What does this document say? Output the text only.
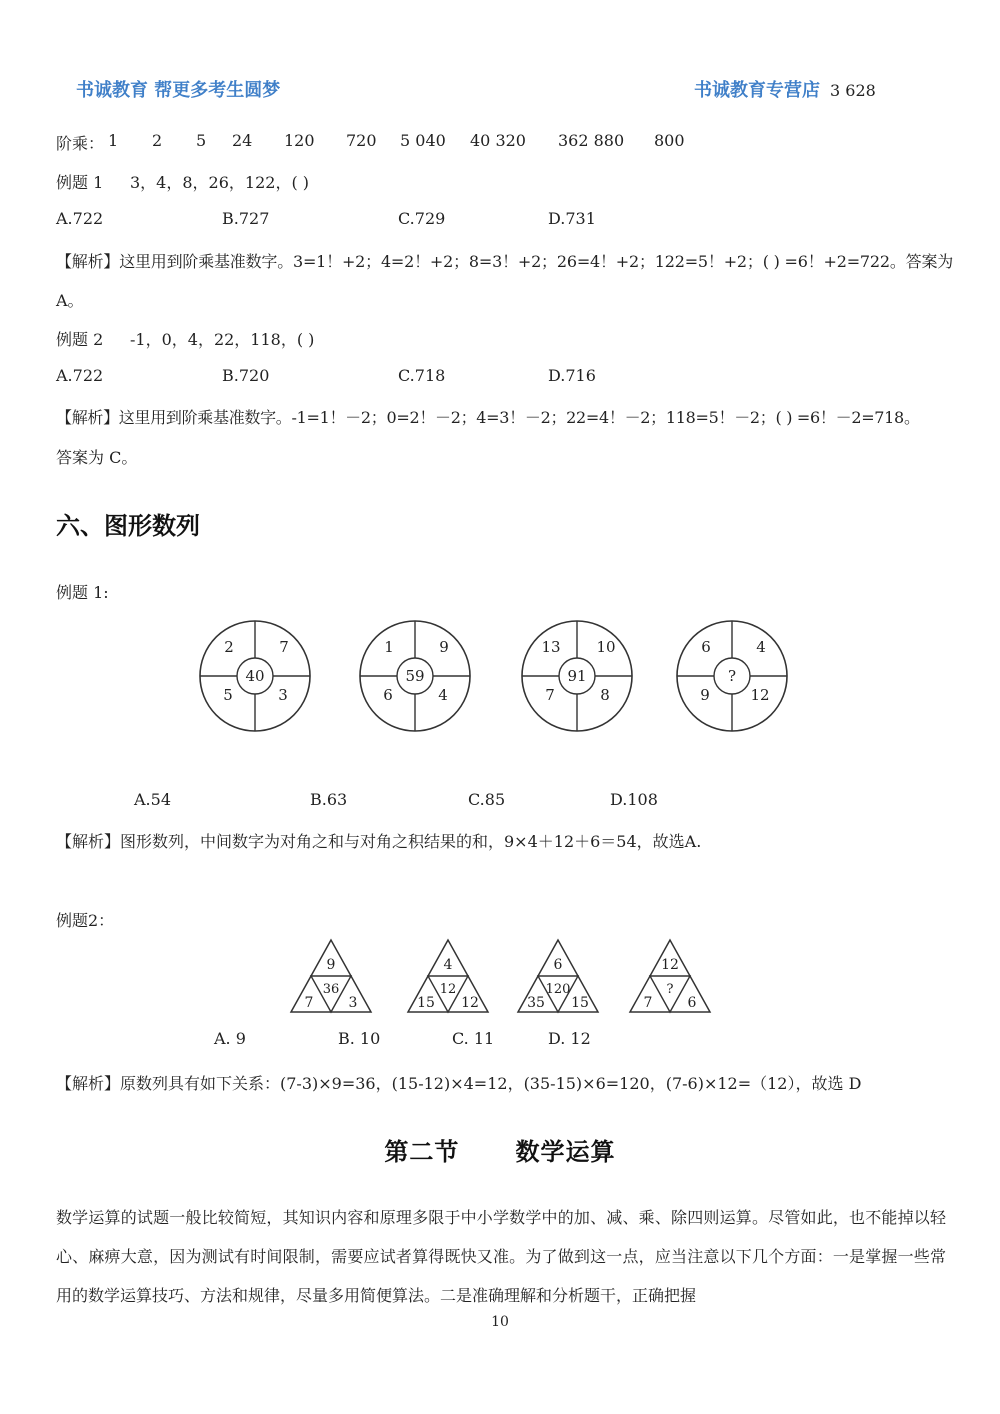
书诚教育 帮更多考生圆梦	书诚教育专营店 3 628
阶乘： 1 2 5 24 120 720 5 040 40 320 362 880 800
例题 1 3，4，8，26，122，( )
A.722	B.727	C.729	D.731
【解析】这里用到阶乘基准数字。3=1！+2；4=2！+2；8=3！+2；26=4！+2；122=5！+2；( ) =6！+2=722。答案为
A。
例题 2 -1，0，4，22，118，( )
A.722	B.720	C.718	D.716
【解析】这里用到阶乘基准数字。-1=1！－2；0=2！－2；4=3！－2；22=4！－2；118=5！－2；( ) =6！－2=718。
答案为 C。
六、图形数列
例题 1:
2	7
5	3
40
1	9
6	4
59
13 10
7	8
91
6	4
9	12
?
A.54	B.63	C.85	D.108
【解析】图形数列，中间数字为对角之和与对角之积结果的和，9×4＋12＋6＝54，故选A.
例题2：
9
36
7	3
4
12
15 12
6
120
35 15
12
?
7	6
A. 9	B. 10	C. 11	D. 12
【解析】原数列具有如下关系：(7-3)×9=36，(15-12)×4=12，(35-15)×6=120，(7-6)×12=（12），故选 D
第二节      数学运算
数学运算的试题一般比较简短，其知识内容和原理多限于中小学数学中的加、减、乘、除四则运算。尽管如此，也不能掉以轻心、麻痹大意，因为测试有时间限制，需要应试者算得既快又准。为了做到这一点，应当注意以下几个方面：一是掌握一些常用的数学运算技巧、方法和规律，尽量多用简便算法。二是准确理解和分析题干，正确把握
10
